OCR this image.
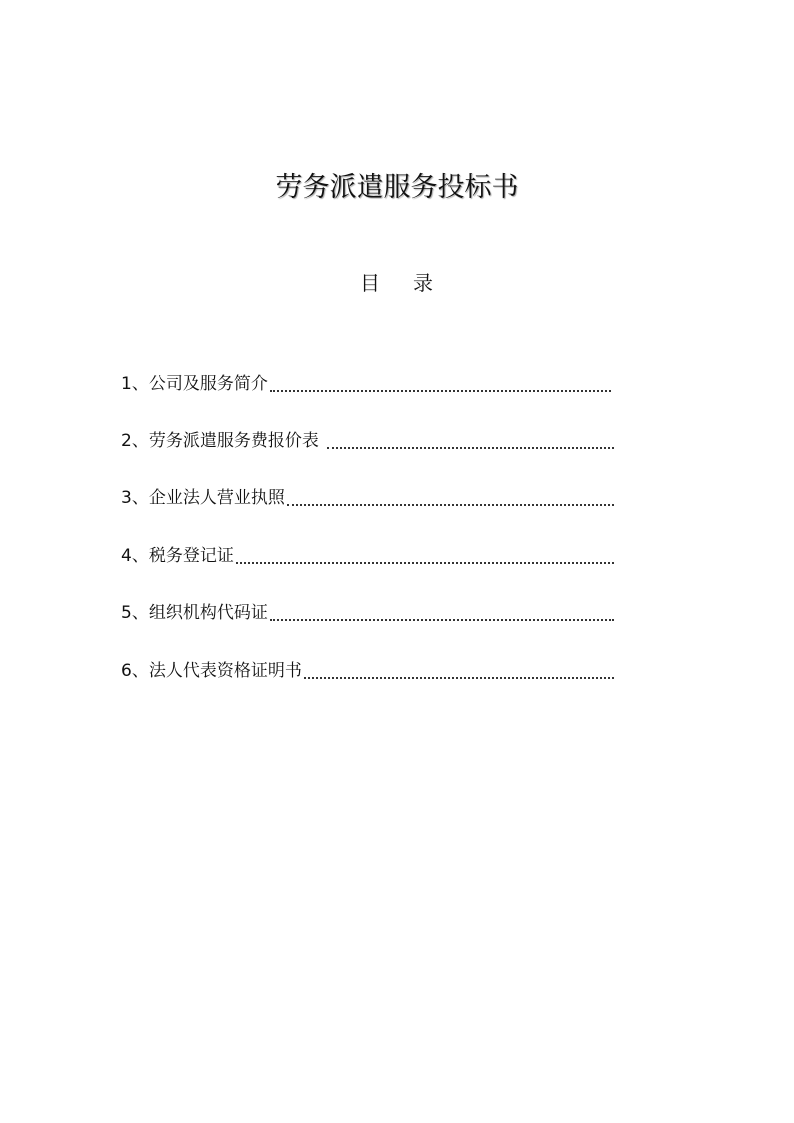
劳务派遣服务投标书
目 录
1、 公司及服务简介
2、 劳务派遣服务费报价表
3、 企业法人营业执照
4、 税务登记证
5、 组织机构代码证
6、 法人代表资格证明书
